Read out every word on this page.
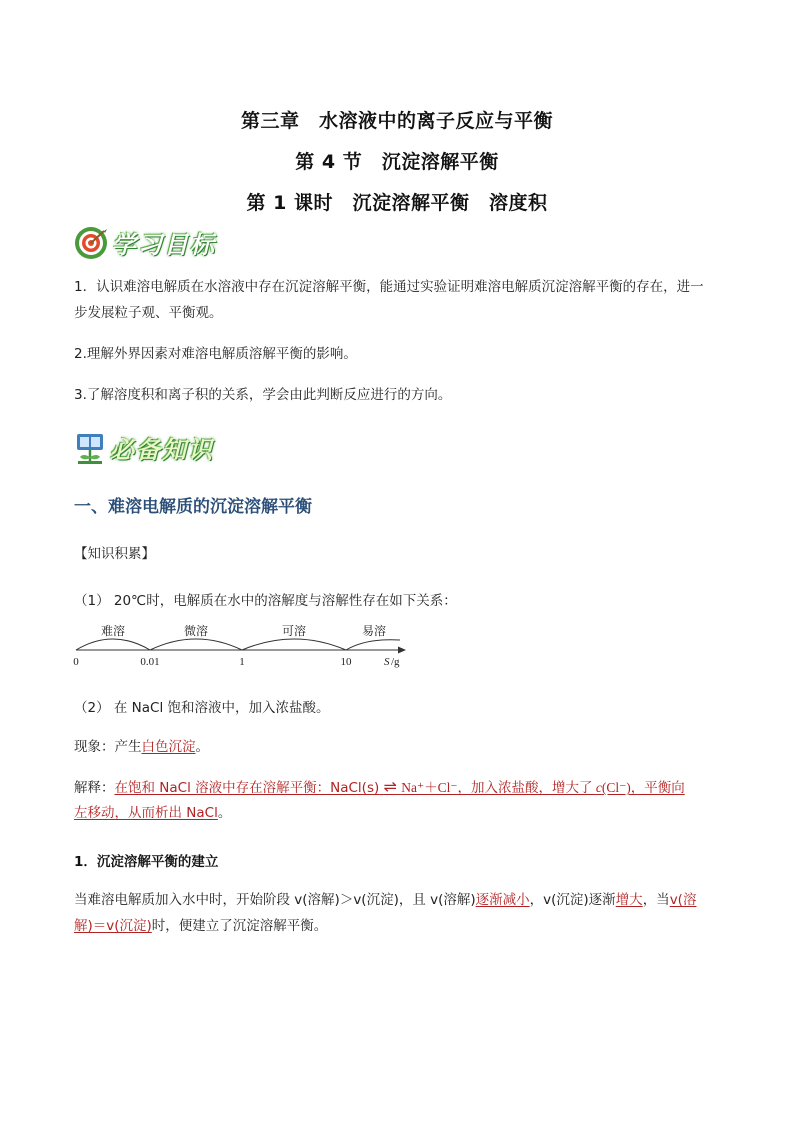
第三章　水溶液中的离子反应与平衡
第 4 节　沉淀溶解平衡
第 1 课时　沉淀溶解平衡　溶度积
学习目标
1．认识难溶电解质在水溶液中存在沉淀溶解平衡，能通过实验证明难溶电解质沉淀溶解平衡的存在，进一
步发展粒子观、平衡观。
2.理解外界因素对难溶电解质溶解平衡的影响。
3.了解溶度积和离子积的关系，学会由此判断反应进行的方向。
必备知识
一、难溶电解质的沉淀溶解平衡
【知识积累】
（1） 20℃时，电解质在水中的溶解度与溶解性存在如下关系：
难溶	微溶	可溶	易溶
0	0.01	1	10	S /g
（2） 在 NaCl 饱和溶液中，加入浓盐酸。
现象：产生白色沉淀。
解释：在饱和 NaCl 溶液中存在溶解平衡：NaCl(s) ⇌ Na⁺＋Cl⁻，加入浓盐酸，增大了 c(Cl⁻)，平衡向
左移动，从而析出 NaCl。
1．沉淀溶解平衡的建立
当难溶电解质加入水中时，开始阶段 v(溶解)＞v(沉淀)，且 v(溶解)逐渐减小，v(沉淀)逐渐增大，当v(溶
解)＝v(沉淀)时，便建立了沉淀溶解平衡。
